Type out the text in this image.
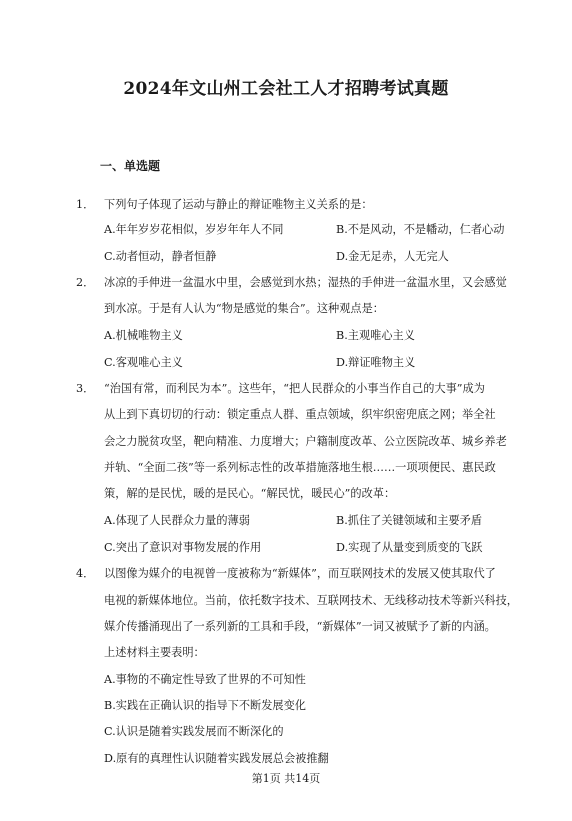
2024年文山州工会社工人才招聘考试真题
一、单选题
1． 下列句子体现了运动与静止的辩证唯物主义关系的是：
A.年年岁岁花相似，岁岁年年人不同	B.不是风动，不是幡动，仁者心动
C.动者恒动，静者恒静	D.金无足赤，人无完人
2． 冰凉的手伸进一盆温水中里，会感觉到水热；湿热的手伸进一盆温水里，又会感觉
到水凉。于是有人认为“物是感觉的集合”。这种观点是：
A.机械唯物主义	B.主观唯心主义
C.客观唯心主义	D.辩证唯物主义
3． “治国有常，而利民为本”。这些年，“把人民群众的小事当作自己的大事”成为
从上到下真切切的行动：锁定重点人群、重点领域，织牢织密兜底之网；举全社
会之力脱贫攻坚，靶向精准、力度增大；户籍制度改革、公立医院改革、城乡养老
并轨、“全面二孩”等一系列标志性的改革措施落地生根……一项项便民、惠民政
策，解的是民忧，暖的是民心。“解民忧，暖民心”的改革：
A.体现了人民群众力量的薄弱	B.抓住了关键领域和主要矛盾
C.突出了意识对事物发展的作用	D.实现了从量变到质变的飞跃
4． 以图像为媒介的电视曾一度被称为“新媒体”，而互联网技术的发展又使其取代了
电视的新媒体地位。当前，依托数字技术、互联网技术、无线移动技术等新兴科技，
媒介传播涌现出了一系列新的工具和手段，“新媒体”一词又被赋予了新的内涵。
上述材料主要表明：
A.事物的不确定性导致了世界的不可知性
B.实践在正确认识的指导下不断发展变化
C.认识是随着实践发展而不断深化的
D.原有的真理性认识随着实践发展总会被推翻
第1页 共14页
